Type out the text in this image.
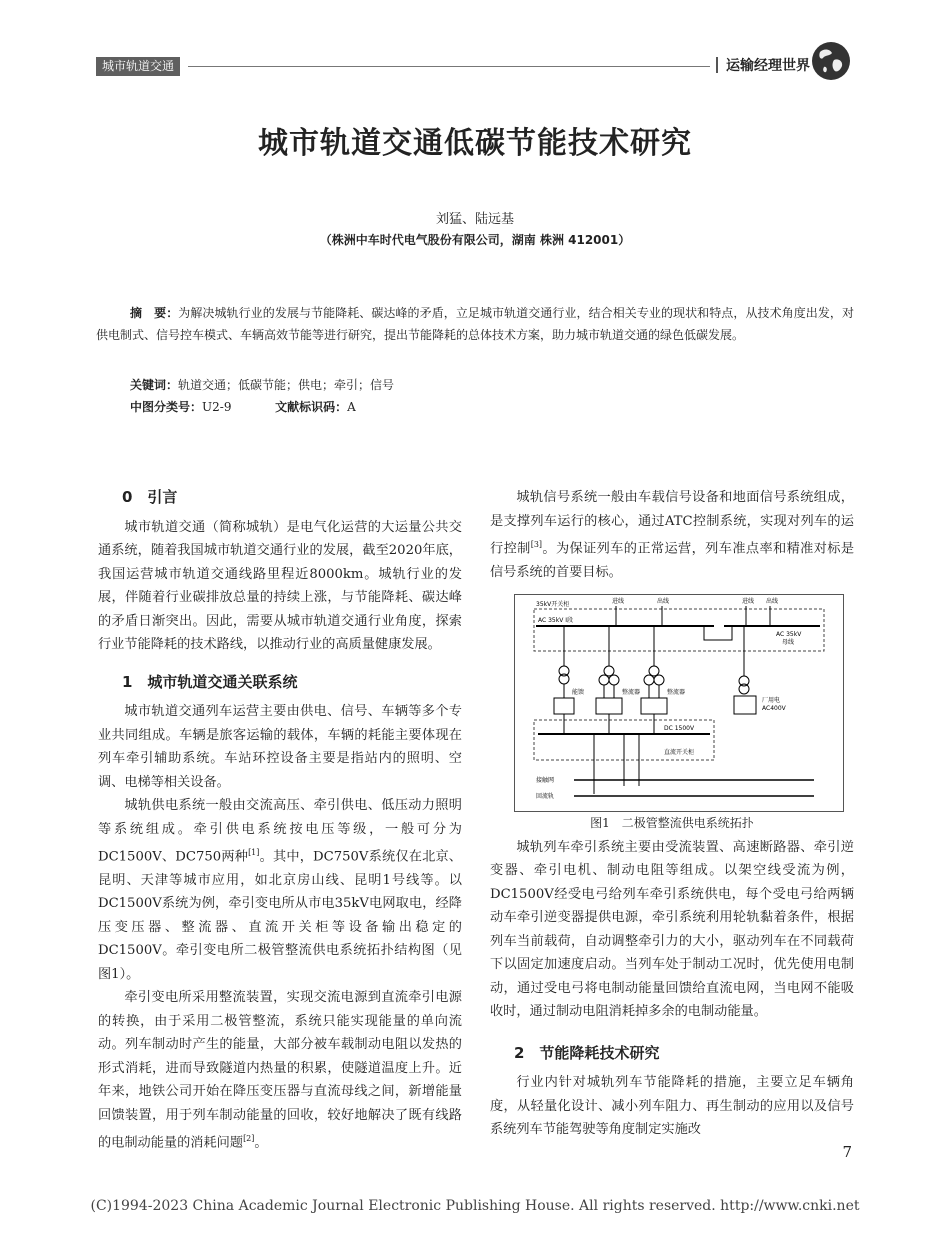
城市轨道交通	运输经理世界
城市轨道交通低碳节能技术研究
刘猛、陆远基
（株洲中车时代电气股份有限公司，湖南 株洲 412001）
摘　要：为解决城轨行业的发展与节能降耗、碳达峰的矛盾，立足城市轨道交通行业，结合相关专业的现状和特点，从技术角度出发，对供电制式、信号控车模式、车辆高效节能等进行研究，提出节能降耗的总体技术方案，助力城市轨道交通的绿色低碳发展。
关键词：轨道交通；低碳节能；供电；牵引；信号
中图分类号：U2-9	文献标识码：A
0　引言

城市轨道交通（简称城轨）是电气化运营的大运量公共交通系统，随着我国城市轨道交通行业的发展，截至2020年底，我国运营城市轨道交通线路里程近8000km。城轨行业的发展，伴随着行业碳排放总量的持续上涨，与节能降耗、碳达峰的矛盾日渐突出。因此，需要从城市轨道交通行业角度，探索行业节能降耗的技术路线，以推动行业的高质量健康发展。

1　城市轨道交通关联系统

城市轨道交通列车运营主要由供电、信号、车辆等多个专业共同组成。车辆是旅客运输的载体，车辆的耗能主要体现在列车牵引辅助系统。车站环控设备主要是指站内的照明、空调、电梯等相关设备。

城轨供电系统一般由交流高压、牵引供电、低压动力照明等系统组成。牵引供电系统按电压等级，一般可分为DC1500V、DC750两种[1]。其中，DC750V系统仅在北京、昆明、天津等城市应用，如北京房山线、昆明1号线等。以DC1500V系统为例，牵引变电所从市电35kV电网取电，经降压变压器、整流器、直流开关柜等设备输出稳定的DC1500V。牵引变电所二极管整流供电系统拓扑结构图（见图1）。

牵引变电所采用整流装置，实现交流电源到直流牵引电源的转换，由于采用二极管整流，系统只能实现能量的单向流动。列车制动时产生的能量，大部分被车载制动电阻以发热的形式消耗，进而导致隧道内热量的积累，使隧道温度上升。近年来，地铁公司开始在降压变压器与直流母线之间，新增能量回馈装置，用于列车制动能量的回收，较好地解决了既有线路的电制动能量的消耗问题[2]。

城轨信号系统一般由车载信号设备和地面信号系统组成，是支撑列车运行的核心，通过ATC控制系统，实现对列车的运行控制[3]。为保证列车的正常运营，列车准点率和精准对标是信号系统的首要目标。

35kV开关柜	进线	出线	进线 出线
AC 35kV Ⅰ段
AC 35kV
母线
能馈	整流器	整流器
厂用电
AC400V
DC 1500V
直流开关柜
接触网
回流轨

图1　二极管整流供电系统拓扑

城轨列车牵引系统主要由受流装置、高速断路器、牵引逆变器、牵引电机、制动电阻等组成。以架空线受流为例，DC1500V经受电弓给列车牵引系统供电，每个受电弓给两辆动车牵引逆变器提供电源，牵引系统利用轮轨黏着条件，根据列车当前载荷，自动调整牵引力的大小，驱动列车在不同载荷下以固定加速度启动。当列车处于制动工况时，优先使用电制动，通过受电弓将电制动能量回馈给直流电网，当电网不能吸收时，通过制动电阻消耗掉多余的电制动能量。

2　节能降耗技术研究

行业内针对城轨列车节能降耗的措施，主要立足车辆角度，从轻量化设计、减小列车阻力、再生制动的应用以及信号系统列车节能驾驶等角度制定实施改

7
(C)1994-2023 China Academic Journal Electronic Publishing House. All rights reserved. http://www.cnki.net
